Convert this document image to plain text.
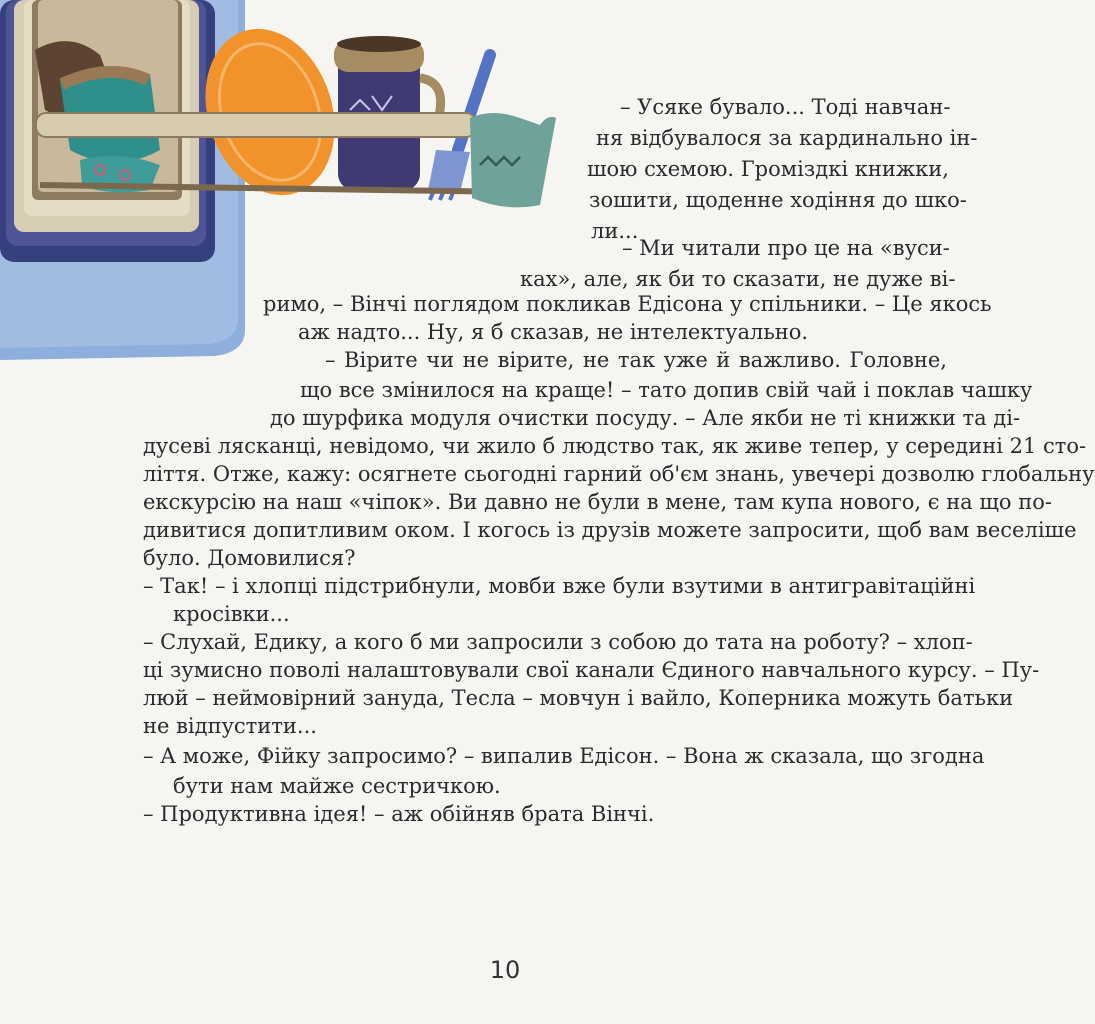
– Усяке бувало... Тоді навчан-
ня відбувалося за кардинально ін-
шою схемою. Громіздкі книжки,
зошити, щоденне ходіння до шко-
ли...
– Ми читали про це на «вуси-
ках», але, як би то сказати, не дуже ві-
римо, – Вінчі поглядом покликав Едісона у спільники. – Це якось
аж надто... Ну, я б сказав, не інтелектуально.
– Вірите чи не вірите, не так уже й важливо. Головне,
що все змінилося на краще! – тато допив свій чай і поклав чашку
до шурфика модуля очистки посуду. – Але якби не ті книжки та ді-
дусеві лясканці, невідомо, чи жило б людство так, як живе тепер, у середині 21 сто-
ліття. Отже, кажу: осягнете сьогодні гарний об'єм знань, увечері дозволю глобальну
екскурсію на наш «чіпок». Ви давно не були в мене, там купа нового, є на що по-
дивитися допитливим оком. І когось із друзів можете запросити, щоб вам веселіше
було. Домовилися?
– Так! – і хлопці підстрибнули, мовби вже були взутими в антигравітаційні
кросівки...
– Слухай, Едику, а кого б ми запросили з собою до тата на роботу? – хлоп-
ці зумисно поволі налаштовували свої канали Єдиного навчального курсу. – Пу-
люй – неймовірний зануда, Тесла – мовчун і вайло, Коперника можуть батьки
не відпустити...
– А може, Фійку запросимо? – випалив Едісон. – Вона ж сказала, що згодна
бути нам майже сестричкою.
– Продуктивна ідея! – аж обійняв брата Вінчі.
10
